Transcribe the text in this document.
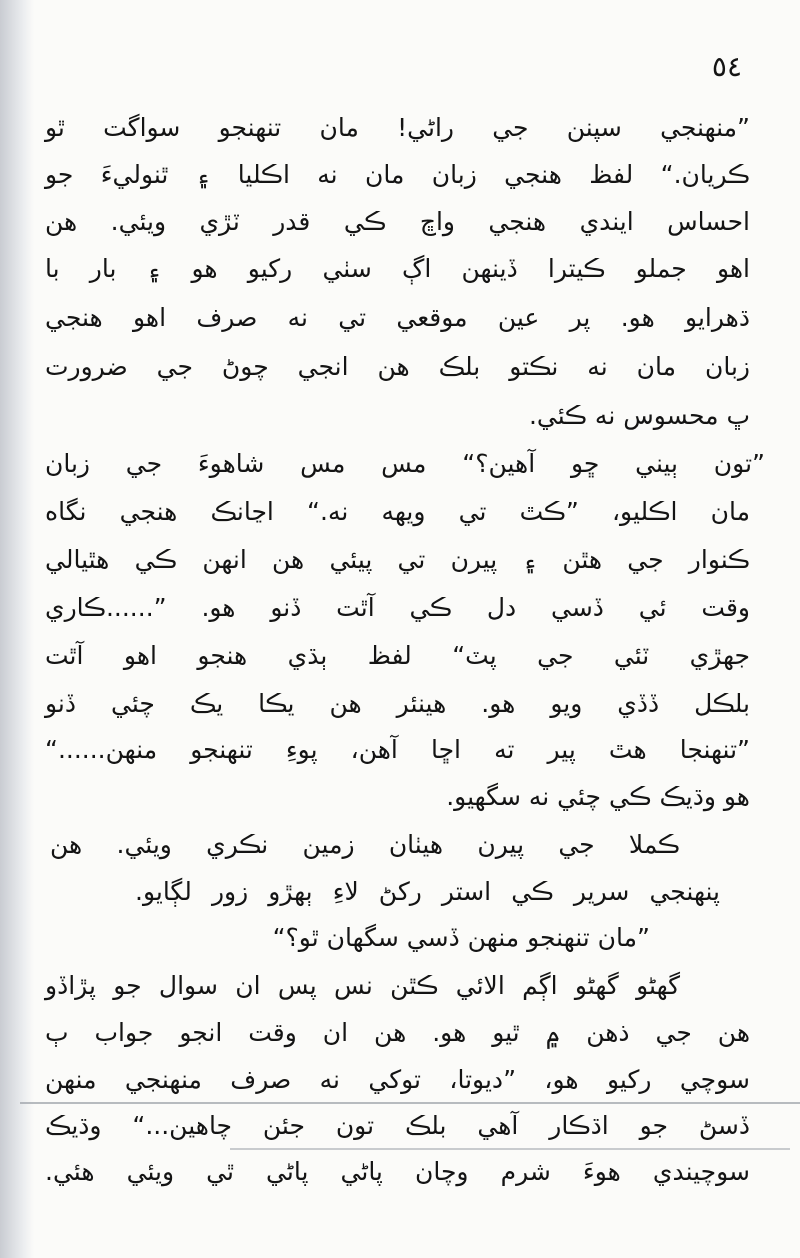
٥٤
”منهنجي سپنن جي راڻي! مان تنهنجو سواگت ٿو
ڪريان.“ لفظ هنجي زبان مان نه اڪليا ۽ ٿنوليءَ جو
احساس ايندي هنجي واڇ ڪي قدر ٽڙي ويئي. هن
اهو جملو ڪيترا ڏينهن اڳ سٺي رکيو هو ۽ بار با
ڌهرايو هو. پر عين موقعي تي نه صرف اهو هنجي
زبان مان نه نڪتو بلڪ هن انجي چوڻ جي ضرورت
ڀ محسوس نه ڪئي.
”تون ٻيني ڇو آهين؟“ مس مس شاهوءَ جي زبان
مان اڪليو، ”ڪٿ تي ويهه نه.“ اڃانڪ هنجي نگاه
ڪنوار جي هٿن ۽ پيرن تي پيئي هن انهن ڪي هٿيالي
وقت ئي ڏسي دل ڪي آٿت ڏنو هو. ”......ڪاري
جهڙي ٽئي جي پٽ“ لفظ ٻڌي هنجو اهو آٿت
بلڪل ڏڏي ويو هو. هينئر هن يڪا يڪ چئي ڏنو
”تنهنجا هٿ پير ته اڇا آهن، پوءِ تنهنجو منهن......“
هو وڌيڪ ڪي چئي نه سگهيو.
ڪملا جي پيرن هيٺان زمين نڪري ويئي. هن
پنهنجي سرير ڪي استر رکڻ لاءِ ٻهڙو زور لڳايو.
”مان تنهنجو منهن ڏسي سگهان ٿو؟“
گهڻو گهڻو اڳم الائي ڪٿن نس پس ان سوال جو پڙاڏو
هن جي ذهن ۾ ٿيو هو. هن ان وقت انجو جواب ٻ
سوچي رکيو هو، ”ديوتا، توکي نه صرف منهنجي منهن
ڏسڻ جو اڌڪار آهي بلڪ تون جئن چاهين...“ وڌيڪ
سوچيندي هوءَ شرم وچان پاڻي پاڻي ٿي ويئي هئي.
